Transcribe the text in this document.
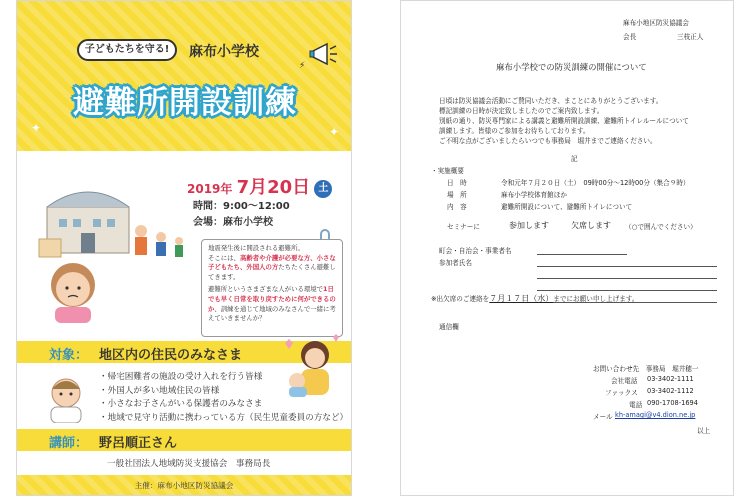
✦	✦
⚡
子どもたちを守る!	麻布小学校
避難所開設訓練
2019年 7月20日 土
時間：9:00～12:00
会場：麻布小学校
地震発生後に開設される避難所。
そこには、高齢者や介護が必要な方、小さな子どもたち、外国人の方たちたくさん避難してきます。
避難所というさまざまな人がいる環境で1日でも早く日常を取り戻すために何ができるのか、訓練を通じて地域のみなさんで一緒に考えていきませんか？
対象： 地区内の住民のみなさま
・ 帰宅困難者の施設の受け入れを行う皆様
・ 外国人が多い地域住民の皆様
・ 小さなお子さんがいる保護者のみなさま
・ 地域で見守り活動に携わっている方（民生児童委員の方など）
講師： 野呂順正さん
一般社団法人地域防災支援協会　事務局長
主催：麻布小地区防災協議会
麻布小地区防災協議会
会長	三枝正人
麻布小学校での防災訓練の開催について
日頃は防災協議会活動にご賛同いただき、まことにありがとうございます。
標記訓練の日時が決定致しましたのでご案内致します。
別紙の通り、防災専門家による講義と避難所開設訓練、避難所トイレルールについて
訓練します。皆様のご参加をお待ちしております。
ご不明な点がございましたらいつでも事務局　堀井までご連絡ください。
記
・実施概要
日　時	令和元年７月２０日（土）　09時00分～12時00分（集合９時）
場　所	麻布小学校体育館ほか
内　容	避難所開設について、避難所トイレについて
セミナーに	参加します	欠席します （○で囲んでください）
町会・自治会・事業者名
参加者氏名
※出欠席のご連絡を７月１７日（水）までにお願い申し上げます。
通信欄
お問い合わせ先　事務局　堀井穂一
会社電話 03-3402-1111
ファックス 03-3402-1112
電話 090-1708-1694
メール kh-amagi@v4.dion.ne.jp
以上
